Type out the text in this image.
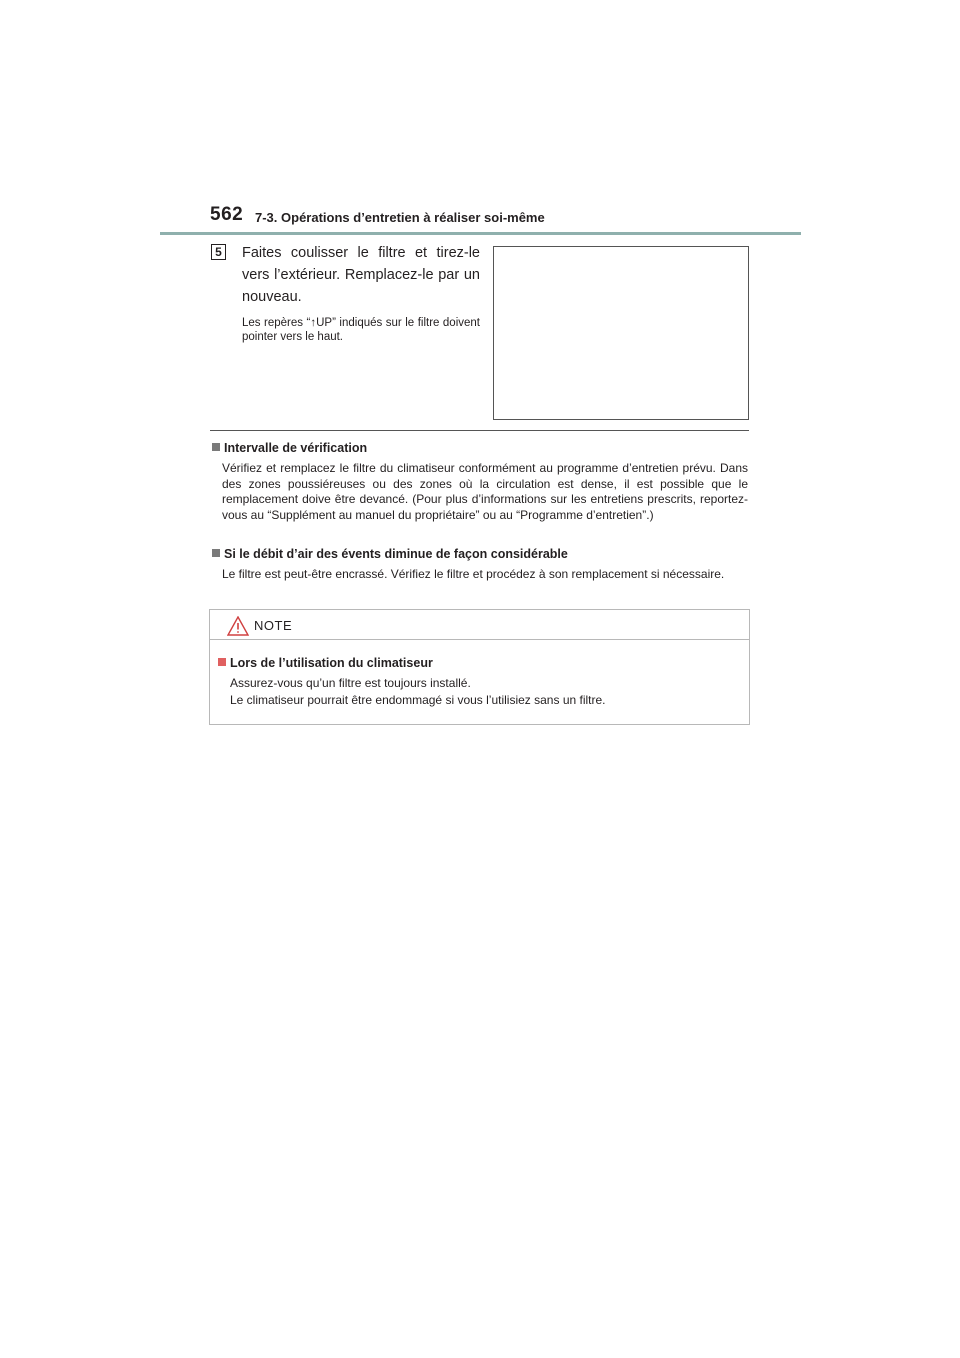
562 7-3. Opérations d’entretien à réaliser soi-même
5 Faites coulisser le filtre et tirez-le vers l’extérieur. Remplacez-le par un nouveau.
Les repères “↑UP” indiqués sur le filtre doivent pointer vers le haut.
Intervalle de vérification
Vérifiez et remplacez le filtre du climatiseur conformément au programme d’entretien prévu. Dans des zones poussiéreuses ou des zones où la circulation est dense, il est possible que le remplacement doive être devancé. (Pour plus d’informations sur les entretiens prescrits, reportez-vous au “Supplément au manuel du propriétaire” ou au “Programme d’entretien”.)
Si le débit d’air des évents diminue de façon considérable
Le filtre est peut-être encrassé. Vérifiez le filtre et procédez à son remplacement si nécessaire.
NOTE
Lors de l’utilisation du climatiseur
Assurez-vous qu’un filtre est toujours installé.
Le climatiseur pourrait être endommagé si vous l’utilisiez sans un filtre.
